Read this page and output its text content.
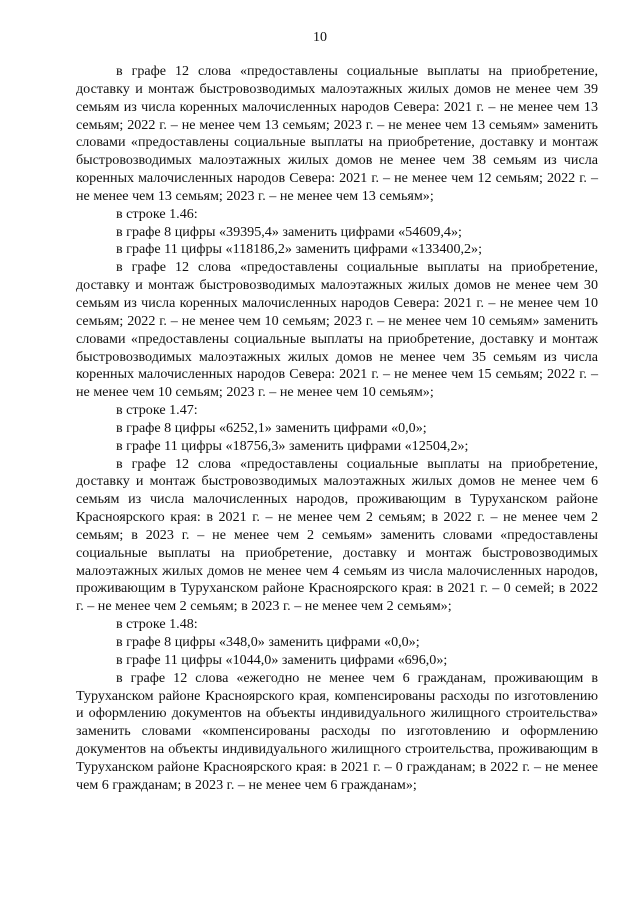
10

в графе 12 слова «предоставлены социальные выплаты на приобретение, доставку и монтаж быстровозводимых малоэтажных жилых домов не менее чем 39 семьям из числа коренных малочисленных народов Севера: 2021 г. – не менее чем 13 семьям; 2022 г. – не менее чем 13 семьям; 2023 г. – не менее чем 13 семьям» заменить словами «предоставлены социальные выплаты на приобретение, доставку и монтаж быстровозводимых малоэтажных жилых домов не менее чем 38 семьям из числа коренных малочисленных народов Севера: 2021 г. – не менее чем 12 семьям; 2022 г. – не менее чем 13 семьям; 2023 г. – не менее чем 13 семьям»;

в строке 1.46:

в графе 8 цифры «39395,4» заменить цифрами «54609,4»;

в графе 11 цифры «118186,2» заменить цифрами «133400,2»;

в графе 12 слова «предоставлены социальные выплаты на приобретение, доставку и монтаж быстровозводимых малоэтажных жилых домов не менее чем 30 семьям из числа коренных малочисленных народов Севера: 2021 г. – не менее чем 10 семьям; 2022 г. – не менее чем 10 семьям; 2023 г. – не менее чем 10 семьям» заменить словами «предоставлены социальные выплаты на приобретение, доставку и монтаж быстровозводимых малоэтажных жилых домов не менее чем 35 семьям из числа коренных малочисленных народов Севера: 2021 г. – не менее чем 15 семьям; 2022 г. – не менее чем 10 семьям; 2023 г. – не менее чем 10 семьям»;

в строке 1.47:

в графе 8 цифры «6252,1» заменить цифрами «0,0»;

в графе 11 цифры «18756,3» заменить цифрами «12504,2»;

в графе 12 слова «предоставлены социальные выплаты на приобретение, доставку и монтаж быстровозводимых малоэтажных жилых домов не менее чем 6 семьям из числа малочисленных народов, проживающим в Туруханском районе Красноярского края: в 2021 г. – не менее чем 2 семьям; в 2022 г. – не менее чем 2 семьям; в 2023 г. – не менее чем 2 семьям» заменить словами «предоставлены социальные выплаты на приобретение, доставку и монтаж быстровозводимых малоэтажных жилых домов не менее чем 4 семьям из числа малочисленных народов, проживающим в Туруханском районе Красноярского края: в 2021 г. – 0 семей; в 2022 г. – не менее чем 2 семьям; в 2023 г. – не менее чем 2 семьям»;

в строке 1.48:

в графе 8 цифры «348,0» заменить цифрами «0,0»;

в графе 11 цифры «1044,0» заменить цифрами «696,0»;

в графе 12 слова «ежегодно не менее чем 6 гражданам, проживающим в Туруханском районе Красноярского края, компенсированы расходы по изготовлению и оформлению документов на объекты индивидуального жилищного строительства» заменить словами «компенсированы расходы по изготовлению и оформлению документов на объекты индивидуального жилищного строительства, проживающим в Туруханском районе Красноярского края: в 2021 г. – 0 гражданам; в 2022 г. – не менее чем 6 гражданам; в 2023 г. – не менее чем 6 гражданам»;
